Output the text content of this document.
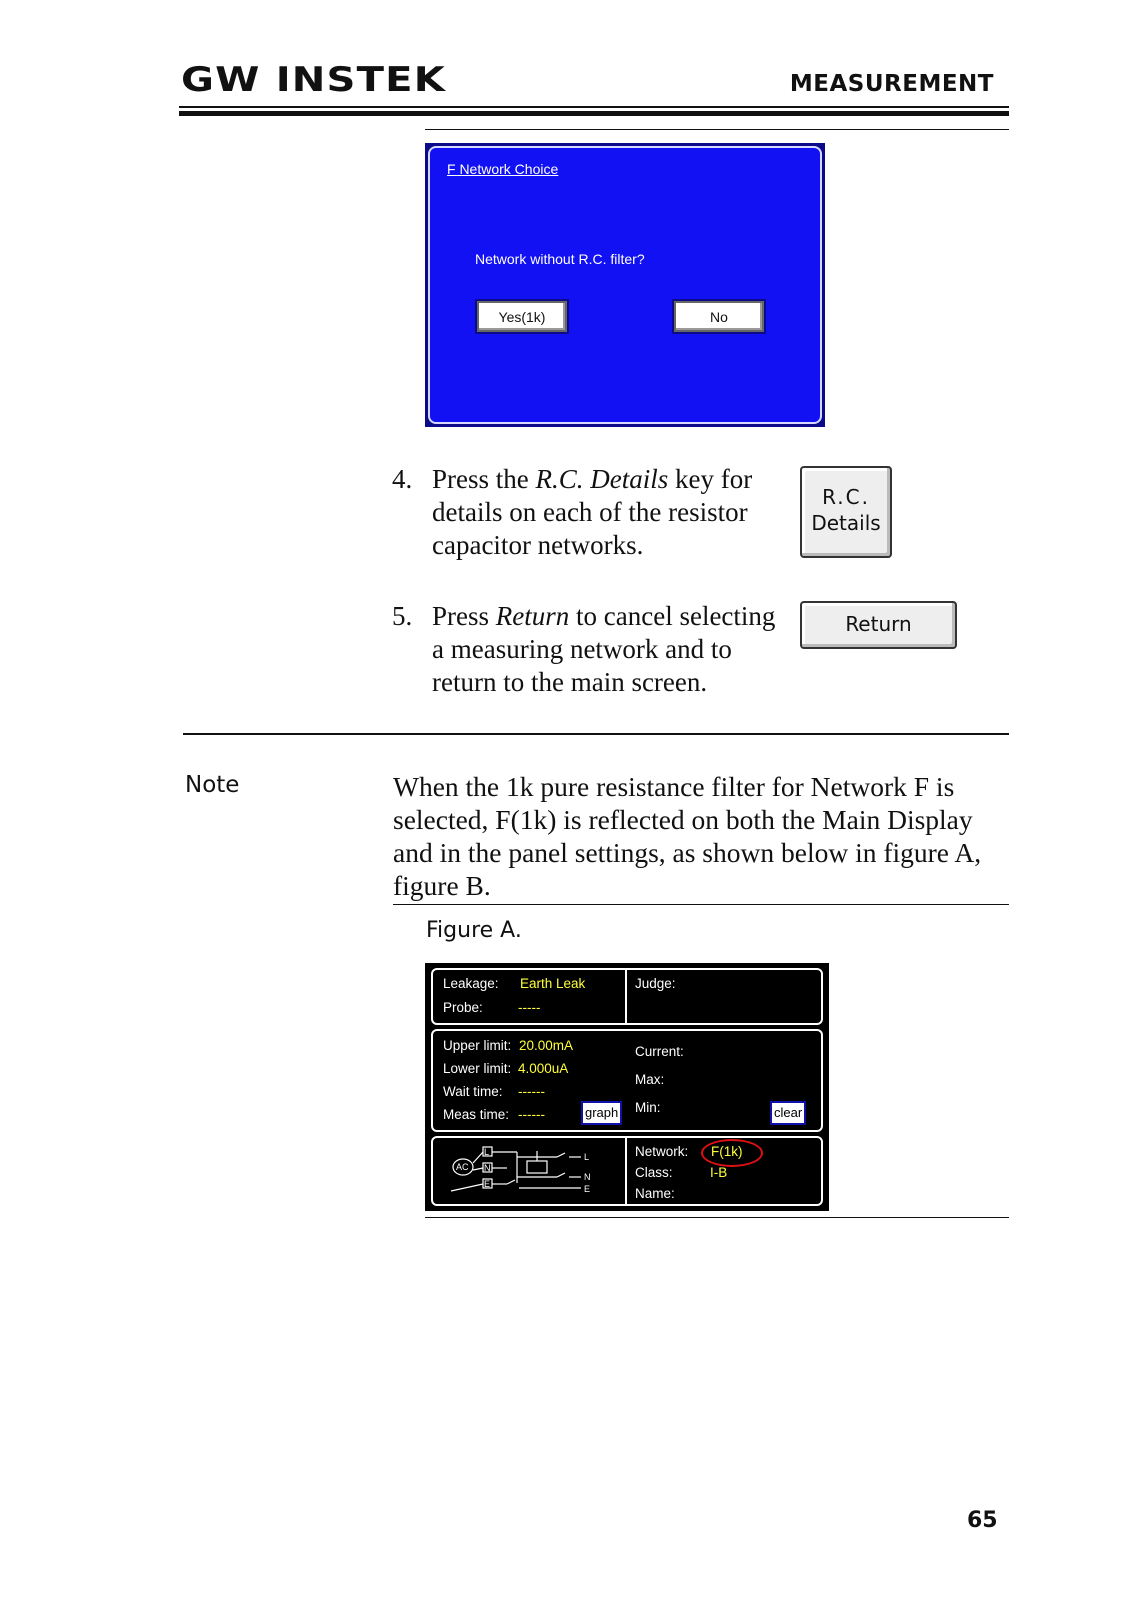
GW INSTEK	MEASUREMENT
F Network Choice
Network without R.C. filter?
Yes(1k)	No
4. Press the R.C. Details key for details on each of the resistor capacitor networks.
R.C.
Details
5. Press Return to cancel selecting a measuring network and to return to the main screen.
Return
Note	When the 1k pure resistance filter for Network F is selected, F(1k) is reflected on both the Main Display and in the panel settings, as shown below in figure A, figure B.
Figure A.
Leakage: Earth Leak
Probe:	-----
Judge:
Upper limit: 20.00mA
Lower limit: 4.000uA
Wait time: ------
Meas time: ------	graph
Current:
Max:
Min:	clear
AC
L
N
E
L
N
E
Network: F(1k)
Class:	I-B
Name:
65
